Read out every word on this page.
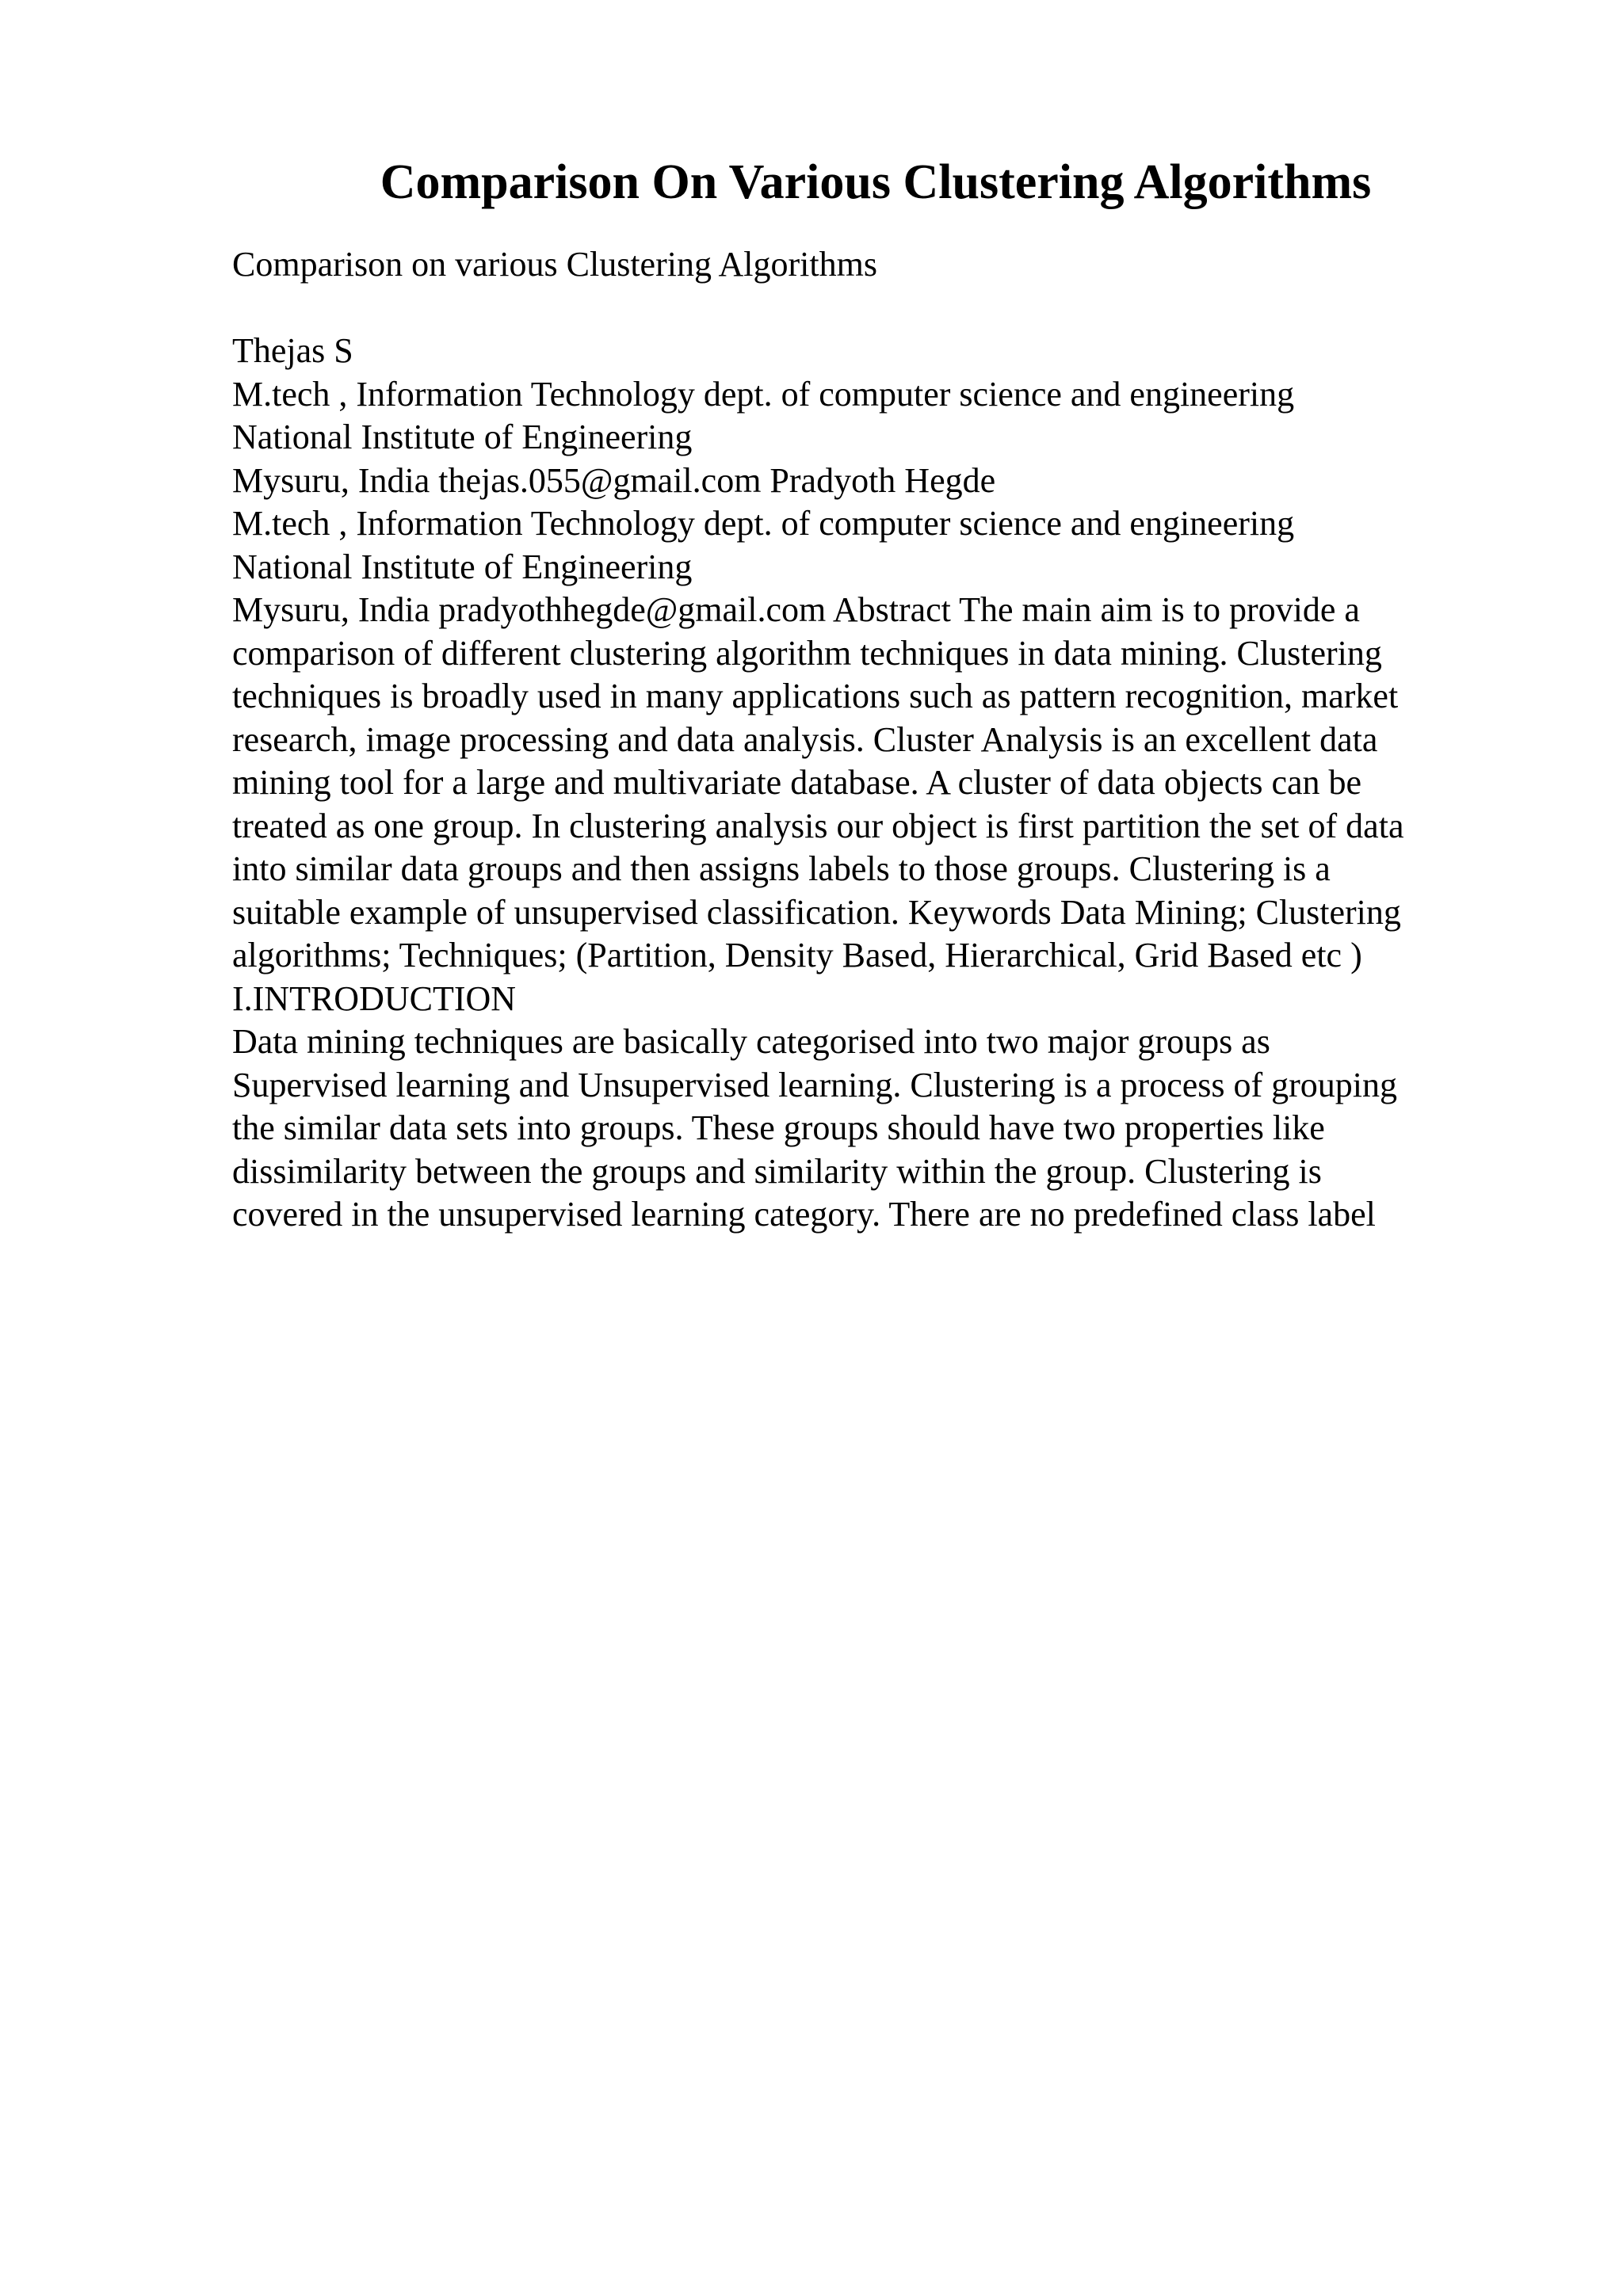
Comparison On Various Clustering Algorithms
Comparison on various Clustering Algorithms
Thejas S
M.tech , Information Technology dept. of computer science and engineering
National Institute of Engineering
Mysuru, India thejas.055@gmail.com Pradyoth Hegde
M.tech , Information Technology dept. of computer science and engineering
National Institute of Engineering
Mysuru, India pradyothhegde@gmail.com Abstract The main aim is to provide a
comparison of different clustering algorithm techniques in data mining. Clustering
techniques is broadly used in many applications such as pattern recognition, market
research, image processing and data analysis. Cluster Analysis is an excellent data
mining tool for a large and multivariate database. A cluster of data objects can be
treated as one group. In clustering analysis our object is first partition the set of data
into similar data groups and then assigns labels to those groups. Clustering is a
suitable example of unsupervised classification. Keywords Data Mining; Clustering
algorithms; Techniques; (Partition, Density Based, Hierarchical, Grid Based etc )
I.INTRODUCTION
Data mining techniques are basically categorised into two major groups as
Supervised learning and Unsupervised learning. Clustering is a process of grouping
the similar data sets into groups. These groups should have two properties like
dissimilarity between the groups and similarity within the group. Clustering is
covered in the unsupervised learning category. There are no predefined class label
